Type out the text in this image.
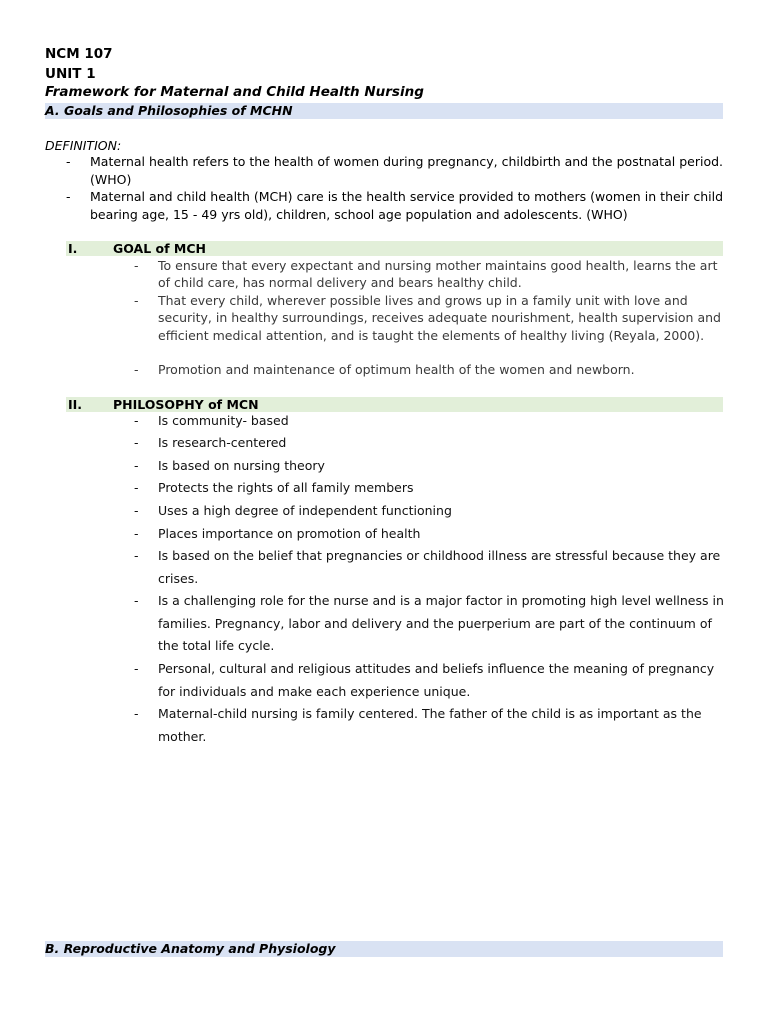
NCM 107
UNIT 1
Framework for Maternal and Child Health Nursing
A. Goals and Philosophies of MCHN
DEFINITION:
- Maternal health refers to the health of women during pregnancy, childbirth and the postnatal period. (WHO)
- Maternal and child health (MCH) care is the health service provided to mothers (women in their child bearing age, 15 - 49 yrs old), children, school age population and adolescents. (WHO)
I.	GOAL of MCH
- To ensure that every expectant and nursing mother maintains good health, learns the art of child care, has normal delivery and bears healthy child.
- That every child, wherever possible lives and grows up in a family unit with love and security, in healthy surroundings, receives adequate nourishment, health supervision and efficient medical attention, and is taught the elements of healthy living (Reyala, 2000).
- Promotion and maintenance of optimum health of the women and newborn.
II. PHILOSOPHY of MCN
- Is community- based
- Is research-centered
- Is based on nursing theory
- Protects the rights of all family members
- Uses a high degree of independent functioning
- Places importance on promotion of health
- Is based on the belief that pregnancies or childhood illness are stressful because they are crises.
- Is a challenging role for the nurse and is a major factor in promoting high level wellness in families. Pregnancy, labor and delivery and the puerperium are part of the continuum of the total life cycle.
- Personal, cultural and religious attitudes and beliefs influence the meaning of pregnancy for individuals and make each experience unique.
- Maternal-child nursing is family centered. The father of the child is as important as the mother.
B. Reproductive Anatomy and Physiology
